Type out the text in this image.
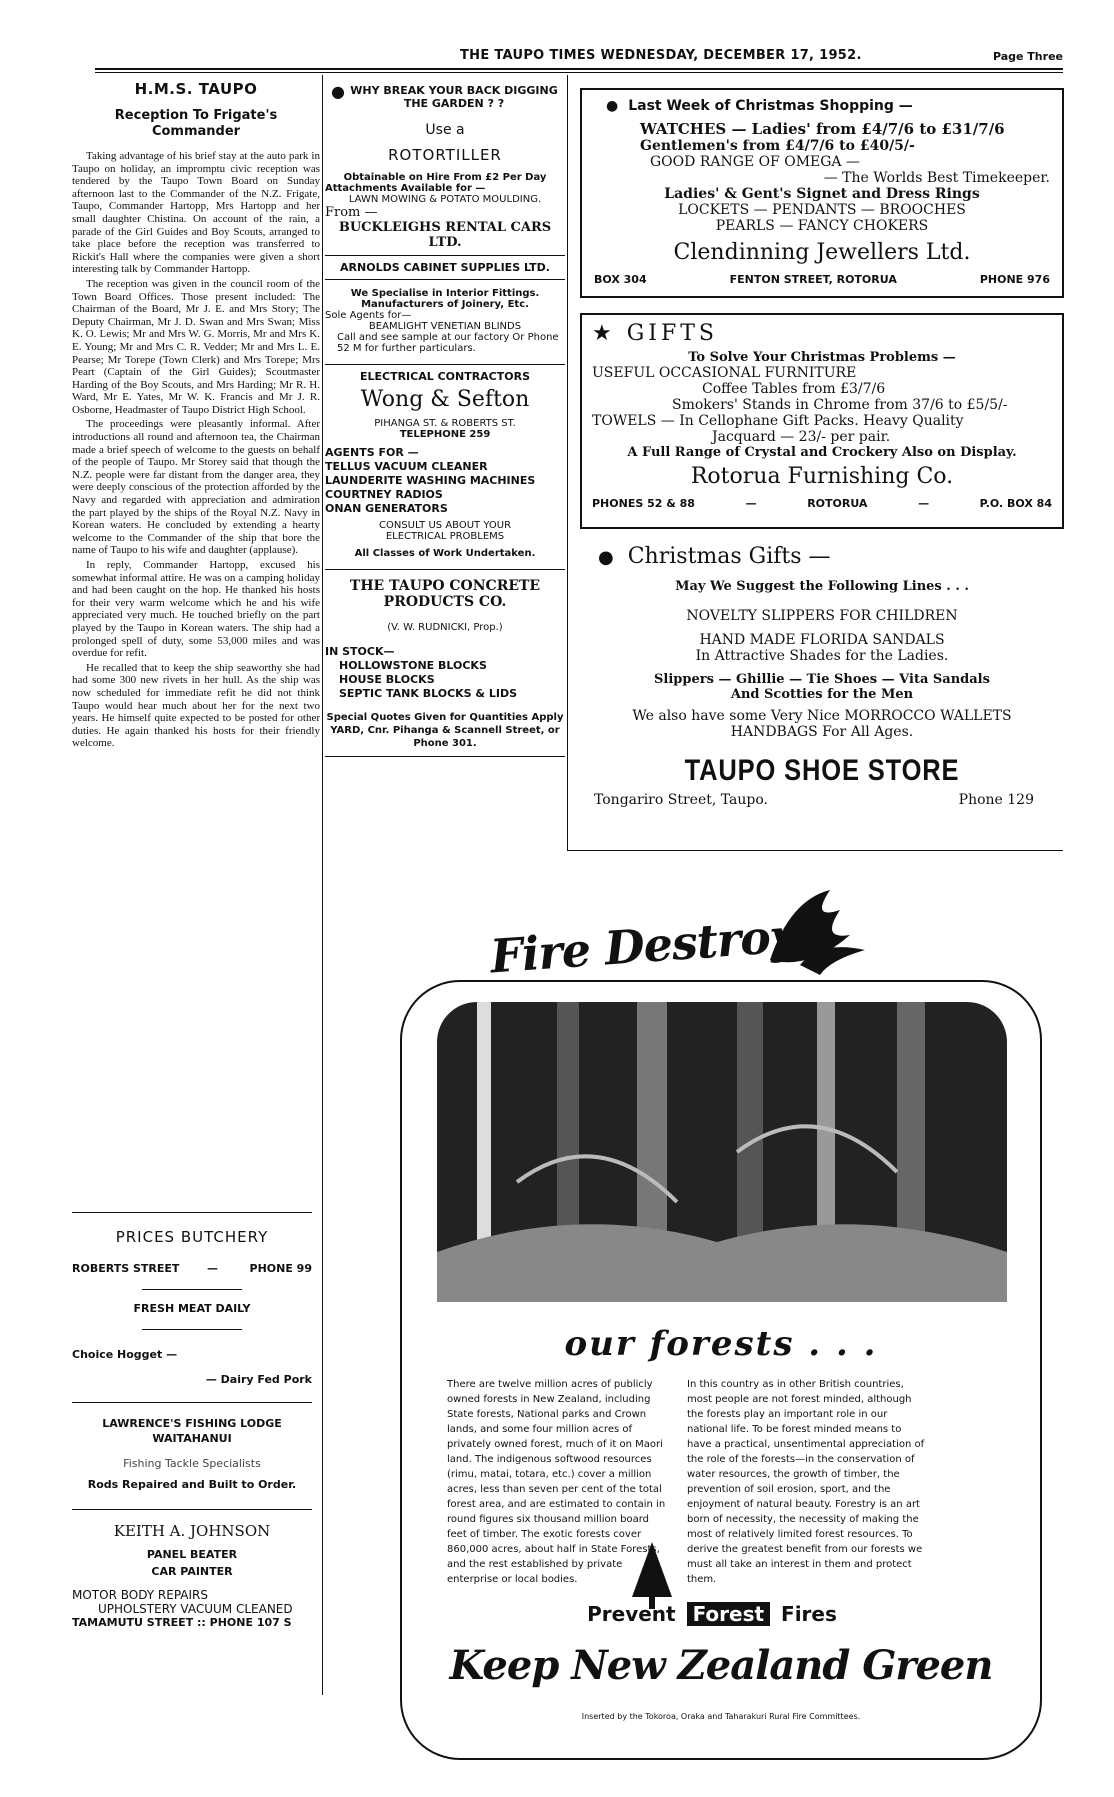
THE TAUPO TIMES WEDNESDAY, DECEMBER 17, 1952.	Page Three
H.M.S. TAUPO
Reception To Frigate's Commander

Taking advantage of his brief stay at the auto park in Taupo on holiday, an impromptu civic reception was tendered by the Taupo Town Board on Sunday afternoon last to the Commander of the N.Z. Frigate, Taupo, Commander Hartopp, Mrs Hartopp and her small daughter Chistina. On account of the rain, a parade of the Girl Guides and Boy Scouts, arranged to take place before the reception was transferred to Rickit's Hall where the companies were given a short interesting talk by Commander Hartopp.

The reception was given in the council room of the Town Board Offices. Those present included: The Chairman of the Board, Mr J. E. and Mrs Story; The Deputy Chairman, Mr J. D. Swan and Mrs Swan; Miss K. O. Lewis; Mr and Mrs W. G. Morris, Mr and Mrs K. E. Young; Mr and Mrs C. R. Vedder; Mr and Mrs L. E. Pearse; Mr Torepe (Town Clerk) and Mrs Torepe; Mrs Peart (Captain of the Girl Guides); Scoutmaster Harding of the Boy Scouts, and Mrs Harding; Mr R. H. Ward, Mr E. Yates, Mr W. K. Francis and Mr J. R. Osborne, Headmaster of Taupo District High School.

The proceedings were pleasantly informal. After introductions all round and afternoon tea, the Chairman made a brief speech of welcome to the guests on behalf of the people of Taupo. Mr Storey said that though the N.Z. people were far distant from the danger area, they were deeply conscious of the protection afforded by the Navy and regarded with appreciation and admiration the part played by the ships of the Royal N.Z. Navy in Korean waters. He concluded by extending a hearty welcome to the Commander of the ship that bore the name of Taupo to his wife and daughter (applause).

In reply, Commander Hartopp, excused his somewhat informal attire. He was on a camping holiday and had been caught on the hop. He thanked his hosts for their very warm welcome which he and his wife appreciated very much. He touched briefly on the part played by the Taupo in Korean waters. The ship had a prolonged spell of duty, some 53,000 miles and was overdue for refit.

He recalled that to keep the ship seaworthy she had had some 300 new rivets in her hull. As the ship was now scheduled for immediate refit he did not think Taupo would hear much about her for the next two years. He himself quite expected to be posted for other duties. He again thanked his hosts for their friendly welcome.

PRICES BUTCHERY
ROBERTS STREET	—	PHONE 99
FRESH MEAT DAILY
Choice Hogget —
— Dairy Fed Pork
LAWRENCE'S FISHING LODGE
WAITAHANUI
Fishing Tackle Specialists
Rods Repaired and Built to Order.
KEITH A. JOHNSON
PANEL BEATER
CAR PAINTER
MOTOR BODY REPAIRS
UPHOLSTERY VACUUM CLEANED
TAMAMUTU STREET :: PHONE 107 S
● WHY BREAK YOUR BACK DIGGING THE GARDEN ? ?
Use a
ROTORTILLER
Obtainable on Hire From £2 Per Day
Attachments Available for —
LAWN MOWING & POTATO MOULDING.
From —
BUCKLEIGHS RENTAL CARS LTD.
ARNOLDS CABINET SUPPLIES LTD.
We Specialise in Interior Fittings.
Manufacturers of Joinery, Etc.
Sole Agents for—
BEAMLIGHT VENETIAN BLINDS
Call and see sample at our factory Or Phone 52 M for further particulars.
ELECTRICAL CONTRACTORS
Wong & Sefton
PIHANGA ST. & ROBERTS ST.
TELEPHONE 259
AGENTS FOR —
TELLUS VACUUM CLEANER
LAUNDERITE WASHING MACHINES
COURTNEY RADIOS
ONAN GENERATORS
CONSULT US ABOUT YOUR ELECTRICAL PROBLEMS
All Classes of Work Undertaken.
THE TAUPO CONCRETE PRODUCTS CO.
(V. W. RUDNICKI, Prop.)
IN STOCK—
HOLLOWSTONE BLOCKS
HOUSE BLOCKS
SEPTIC TANK BLOCKS & LIDS
Special Quotes Given for Quantities Apply YARD, Cnr. Pihanga & Scannell Street, or Phone 301.
● Last Week of Christmas Shopping —
WATCHES — Ladies' from £4/7/6 to £31/7/6
Gentlemen's from £4/7/6 to £40/5/-
GOOD RANGE OF OMEGA —
— The Worlds Best Timekeeper.
Ladies' & Gent's Signet and Dress Rings
LOCKETS — PENDANTS — BROOCHES
PEARLS — FANCY CHOKERS
Clendinning Jewellers Ltd.
BOX 304	FENTON STREET, ROTORUA	PHONE 976
★ GIFTS
To Solve Your Christmas Problems —
USEFUL OCCASIONAL FURNITURE
Coffee Tables from £3/7/6
Smokers' Stands in Chrome from 37/6 to £5/5/-
TOWELS — In Cellophane Gift Packs. Heavy Quality
Jacquard — 23/- per pair.
A Full Range of Crystal and Crockery Also on Display.
Rotorua Furnishing Co.
PHONES 52 & 88	—	ROTORUA	—	P.O. BOX 84
● Christmas Gifts —
May We Suggest the Following Lines . . .
NOVELTY SLIPPERS FOR CHILDREN
HAND MADE FLORIDA SANDALS
In Attractive Shades for the Ladies.
Slippers — Ghillie — Tie Shoes — Vita Sandals
And Scotties for the Men
We also have some Very Nice MORROCCO WALLETS
HANDBAGS For All Ages.
TAUPO SHOE STORE
Tongariro Street, Taupo.	Phone 129
Fire Destroys
our forests . . .
There are twelve million acres of publicly owned forests in New Zealand, including State forests, National parks and Crown lands, and some four million acres of privately owned forest, much of it on Maori land. The indigenous softwood resources (rimu, matai, totara, etc.) cover a million acres, less than seven per cent of the total forest area, and are estimated to contain in round figures six thousand million board feet of timber. The exotic forests cover 860,000 acres, about half in State Forests, and the rest established by private enterprise or local bodies.
In this country as in other British countries, most people are not forest minded, although the forests play an important role in our national life. To be forest minded means to have a practical, unsentimental appreciation of the role of the forests—in the conservation of water resources, the growth of timber, the prevention of soil erosion, sport, and the enjoyment of natural beauty. Forestry is an art born of necessity, the necessity of making the most of relatively limited forest resources. To derive the greatest benefit from our forests we must all take an interest in them and protect them.
Prevent Forest Fires
Keep New Zealand Green
Inserted by the Tokoroa, Oraka and Taharakuri Rural Fire Committees.
